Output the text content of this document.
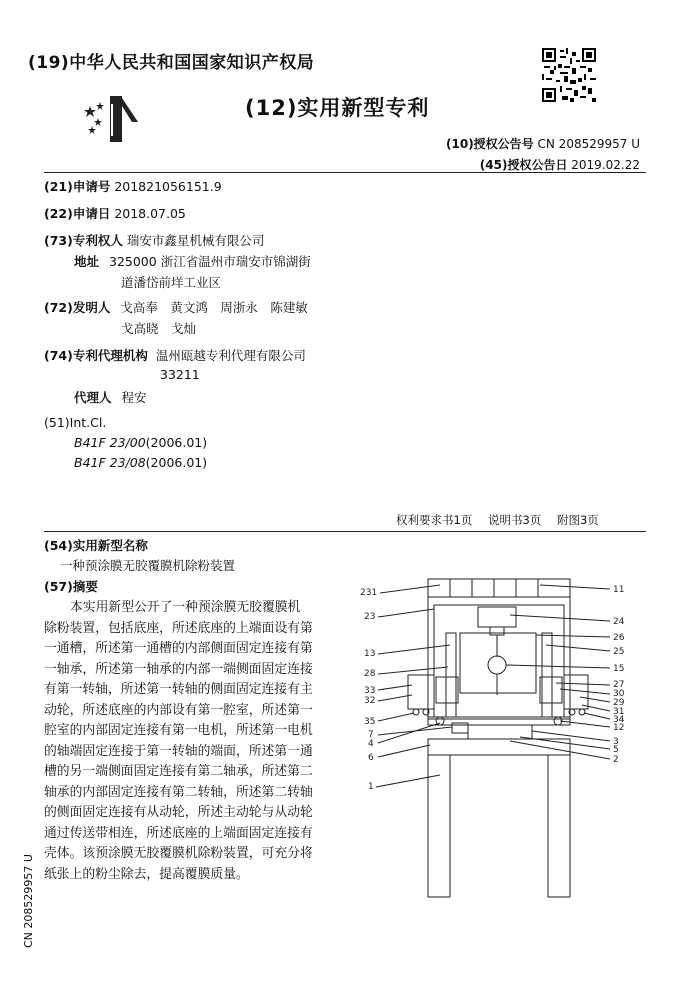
(19)中华人民共和国国家知识产权局
(12)实用新型专利
(10)授权公告号 CN 208529957 U
(45)授权公告日 2019.02.22
(21)申请号 201821056151.9
(22)申请日 2018.07.05
(73)专利权人 瑞安市鑫星机械有限公司
地址 325000 浙江省温州市瑞安市锦湖街
道潘岱前垟工业区
(72)发明人 戈高奉　黄文鸿　周浙永　陈建敏
戈高晓　戈灿
(74)专利代理机构 温州瓯越专利代理有限公司
33211
代理人 程安
(51)Int.Cl.
B41F 23/00(2006.01)
B41F 23/08(2006.01)
权利要求书1页 说明书3页 附图3页
(54)实用新型名称
一种预涂膜无胶覆膜机除粉装置
(57)摘要
本实用新型公开了一种预涂膜无胶覆膜机
除粉装置，包括底座，所述底座的上端面设有第
一通槽，所述第一通槽的内部侧面固定连接有第
一轴承，所述第一轴承的内部一端侧面固定连接
有第一转轴，所述第一转轴的侧面固定连接有主
动轮，所述底座的内部设有第一腔室，所述第一
腔室的内部固定连接有第一电机，所述第一电机
的轴端固定连接于第一转轴的端面，所述第一通
槽的另一端侧面固定连接有第二轴承，所述第二
轴承的内部固定连接有第二转轴，所述第二转轴
的侧面固定连接有从动轮，所述主动轮与从动轮
通过传送带相连，所述底座的上端面固定连接有
壳体。该预涂膜无胶覆膜机除粉装置，可充分将
纸张上的粉尘除去，提高覆膜质量。
231
23
13
28
33
32
35
7
4
6
1
11
24
26
25
15
27
30
29
31
34
12
3
5
2
CN 208529957 U
